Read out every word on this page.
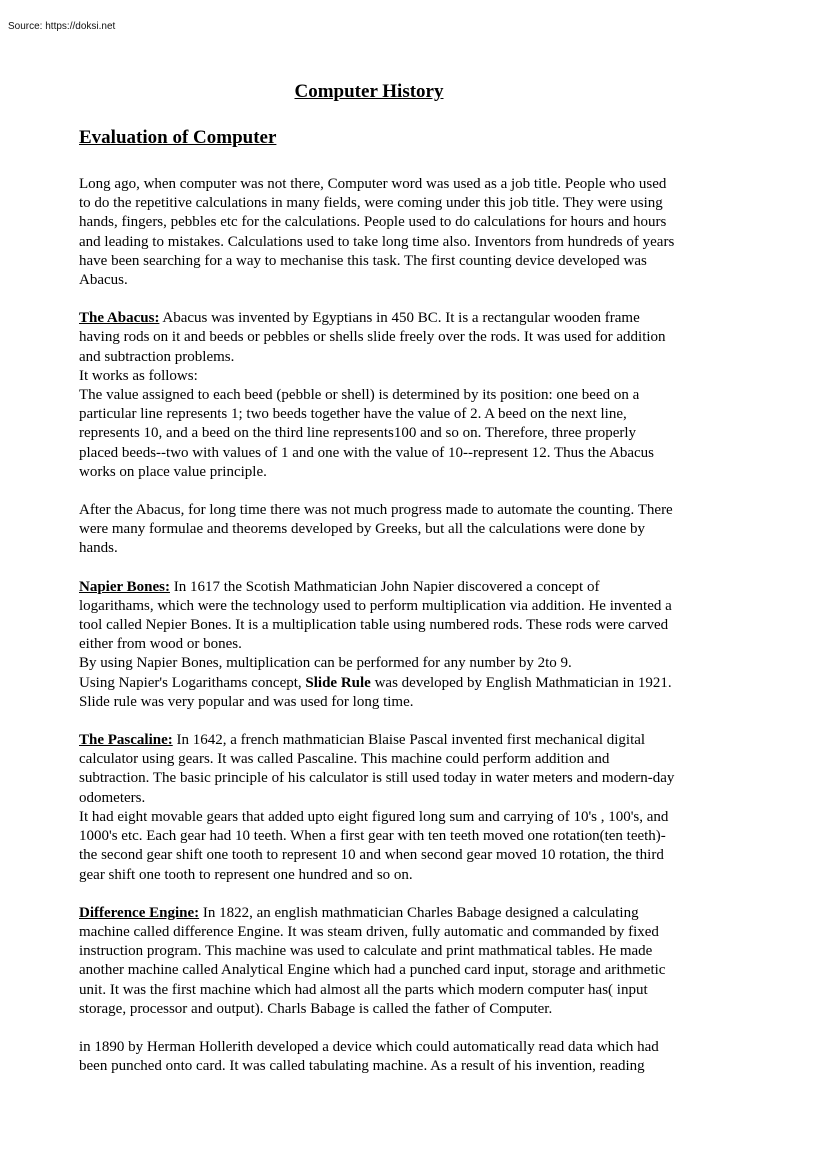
Source: https://doksi.net
Computer History
Evaluation of Computer

Long ago, when computer was not there, Computer word was used as a job title. People who used
to do the repetitive calculations in many fields, were coming under this job title. They were using
hands, fingers, pebbles etc for the calculations. People used to do calculations for hours and hours
and leading to mistakes. Calculations used to take long time also. Inventors from hundreds of years
have been searching for a way to mechanise this task. The first counting device developed was
Abacus.

The Abacus: Abacus was invented by Egyptians in 450 BC. It is a rectangular wooden frame
having rods on it and beeds or pebbles or shells slide freely over the rods. It was used for addition
and subtraction problems.
It works as follows:
The value assigned to each beed (pebble or shell) is determined by its position: one beed on a
particular line represents 1; two beeds together have the value of 2. A beed on the next line,
represents 10, and a beed on the third line represents100 and so on. Therefore, three properly
placed beeds--two with values of 1 and one with the value of 10--represent 12. Thus the Abacus
works on place value principle.

After the Abacus, for long time there was not much progress made to automate the counting. There
were many formulae and theorems developed by Greeks, but all the calculations were done by
hands.

Napier Bones: In 1617 the Scotish Mathmatician John Napier discovered a concept of
logarithams, which were the technology used to perform multiplication via addition. He invented a
tool called Nepier Bones. It is a multiplication table using numbered rods. These rods were carved
either from wood or bones.
By using Napier Bones, multiplication can be performed for any number by 2to 9.
Using Napier's Logarithams concept, Slide Rule was developed by English Mathmatician in 1921.
Slide rule was very popular and was used for long time.

The Pascaline: In 1642, a french mathmatician Blaise Pascal invented first mechanical digital
calculator using gears. It was called Pascaline. This machine could perform addition and
subtraction. The basic principle of his calculator is still used today in water meters and modern-day
odometers.
It had eight movable gears that added upto eight figured long sum and carrying of 10's , 100's, and
1000's etc. Each gear had 10 teeth. When a first gear with ten teeth moved one rotation(ten teeth)-
the second gear shift one tooth to represent 10 and when second gear moved 10 rotation, the third
gear shift one tooth to represent one hundred and so on.

Difference Engine: In 1822, an english mathmatician Charles Babage designed a calculating
machine called difference Engine. It was steam driven, fully automatic and commanded by fixed
instruction program. This machine was used to calculate and print mathmatical tables. He made
another machine called Analytical Engine which had a punched card input, storage and arithmetic
unit. It was the first machine which had almost all the parts which modern computer has( input
storage, processor and output). Charls Babage is called the father of Computer.

in 1890 by Herman Hollerith developed a device which could automatically read data which had
been punched onto card. It was called tabulating machine. As a result of his invention, reading
